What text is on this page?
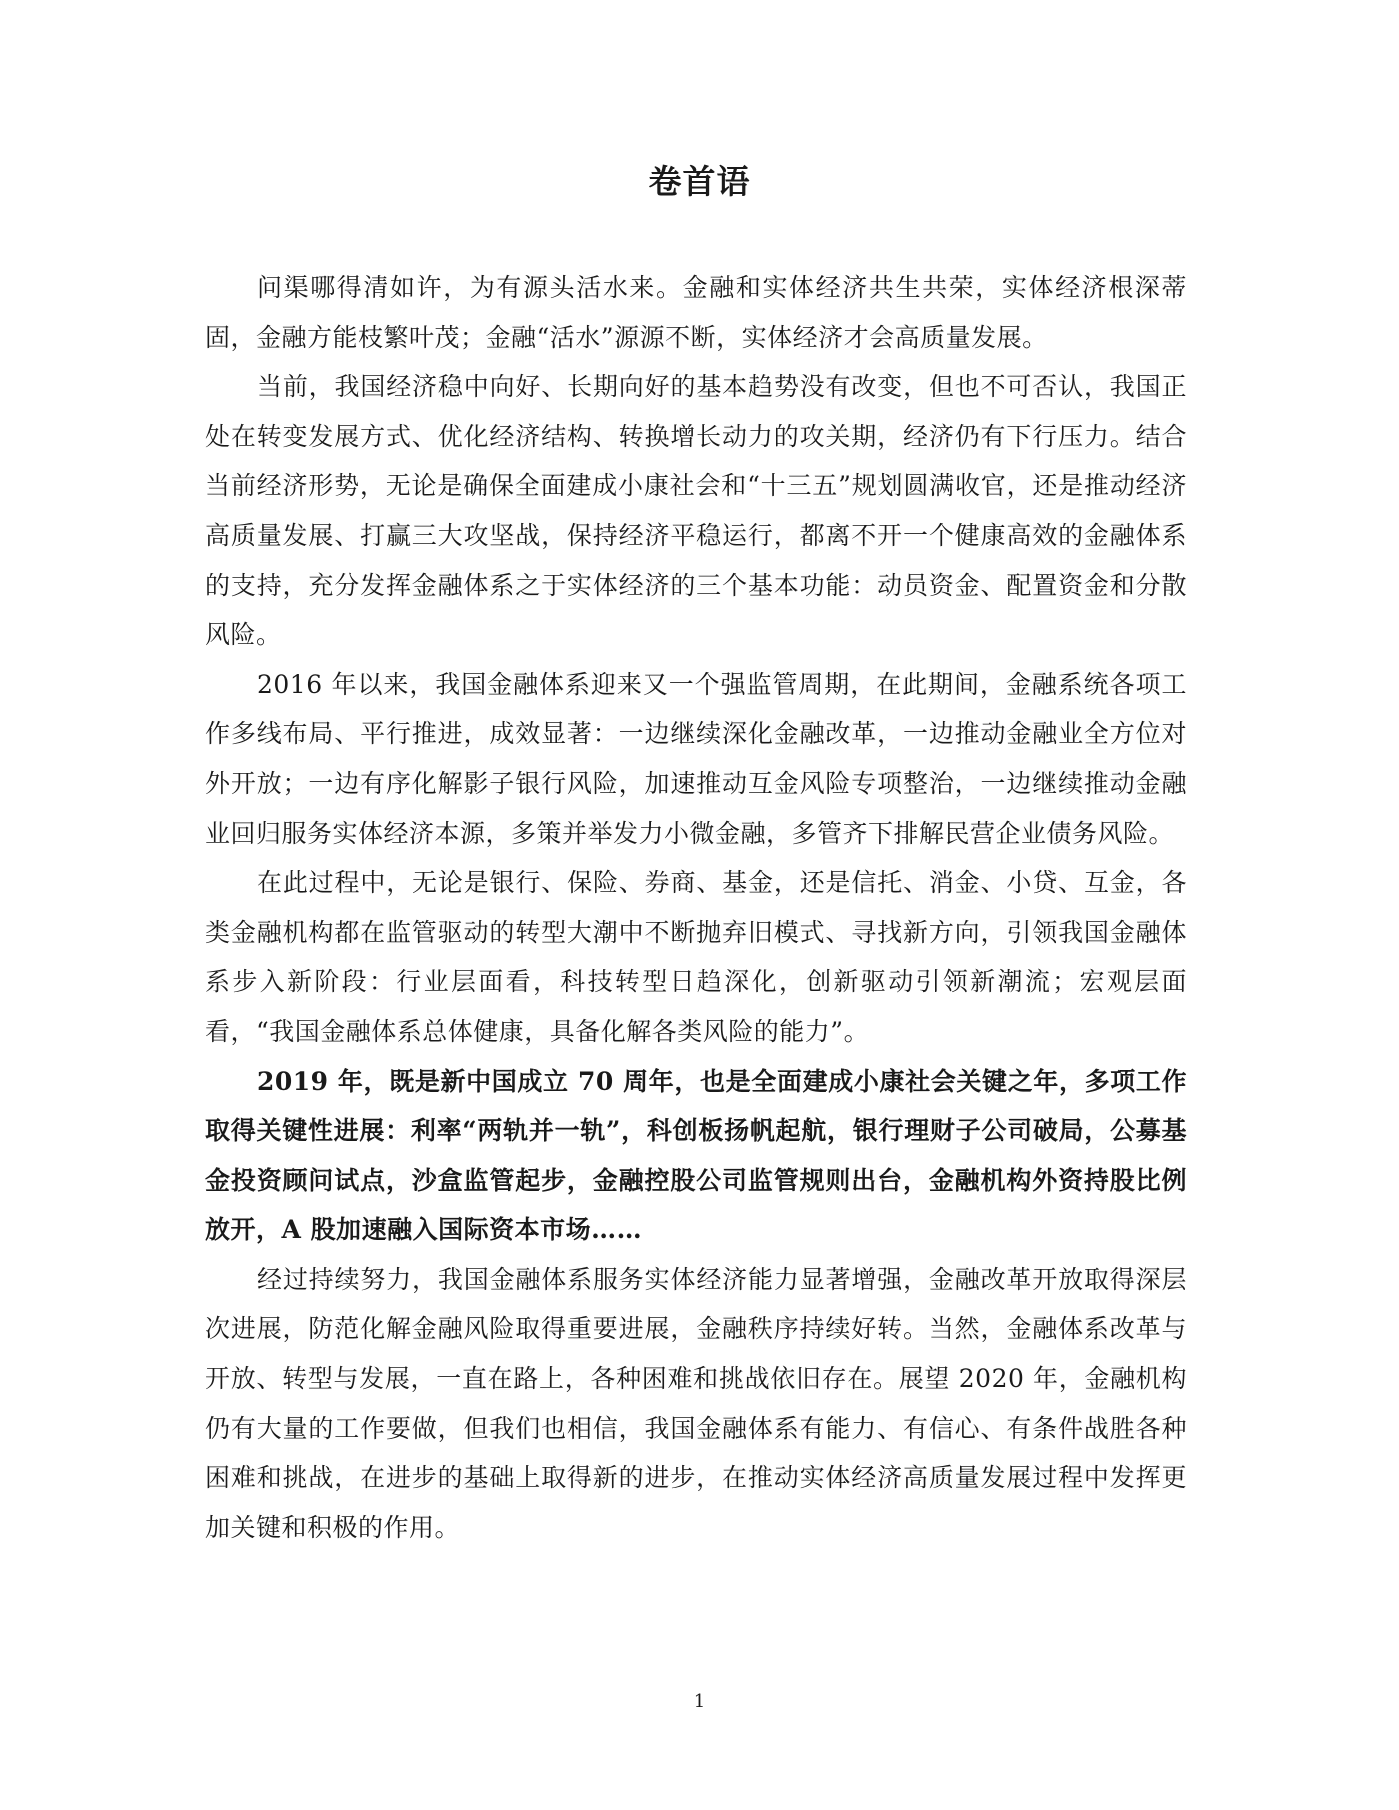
卷首语

问渠哪得清如许，为有源头活水来。金融和实体经济共生共荣，实体经济根深蒂固，金融方能枝繁叶茂；金融“活水”源源不断，实体经济才会高质量发展。

当前，我国经济稳中向好、长期向好的基本趋势没有改变，但也不可否认，我国正处在转变发展方式、优化经济结构、转换增长动力的攻关期，经济仍有下行压力。结合当前经济形势，无论是确保全面建成小康社会和“十三五”规划圆满收官，还是推动经济高质量发展、打赢三大攻坚战，保持经济平稳运行，都离不开一个健康高效的金融体系的支持，充分发挥金融体系之于实体经济的三个基本功能：动员资金、配置资金和分散风险。

2016 年以来，我国金融体系迎来又一个强监管周期，在此期间，金融系统各项工作多线布局、平行推进，成效显著：一边继续深化金融改革，一边推动金融业全方位对外开放；一边有序化解影子银行风险，加速推动互金风险专项整治，一边继续推动金融业回归服务实体经济本源，多策并举发力小微金融，多管齐下排解民营企业债务风险。

在此过程中，无论是银行、保险、券商、基金，还是信托、消金、小贷、互金，各类金融机构都在监管驱动的转型大潮中不断抛弃旧模式、寻找新方向，引领我国金融体系步入新阶段：行业层面看，科技转型日趋深化，创新驱动引领新潮流；宏观层面看，“我国金融体系总体健康，具备化解各类风险的能力”。

2019 年，既是新中国成立 70 周年，也是全面建成小康社会关键之年，多项工作取得关键性进展：利率“两轨并一轨”，科创板扬帆起航，银行理财子公司破局，公募基金投资顾问试点，沙盒监管起步，金融控股公司监管规则出台，金融机构外资持股比例放开，A 股加速融入国际资本市场……

经过持续努力，我国金融体系服务实体经济能力显著增强，金融改革开放取得深层次进展，防范化解金融风险取得重要进展，金融秩序持续好转。当然，金融体系改革与开放、转型与发展，一直在路上，各种困难和挑战依旧存在。展望 2020 年，金融机构仍有大量的工作要做，但我们也相信，我国金融体系有能力、有信心、有条件战胜各种困难和挑战，在进步的基础上取得新的进步，在推动实体经济高质量发展过程中发挥更加关键和积极的作用。

1
